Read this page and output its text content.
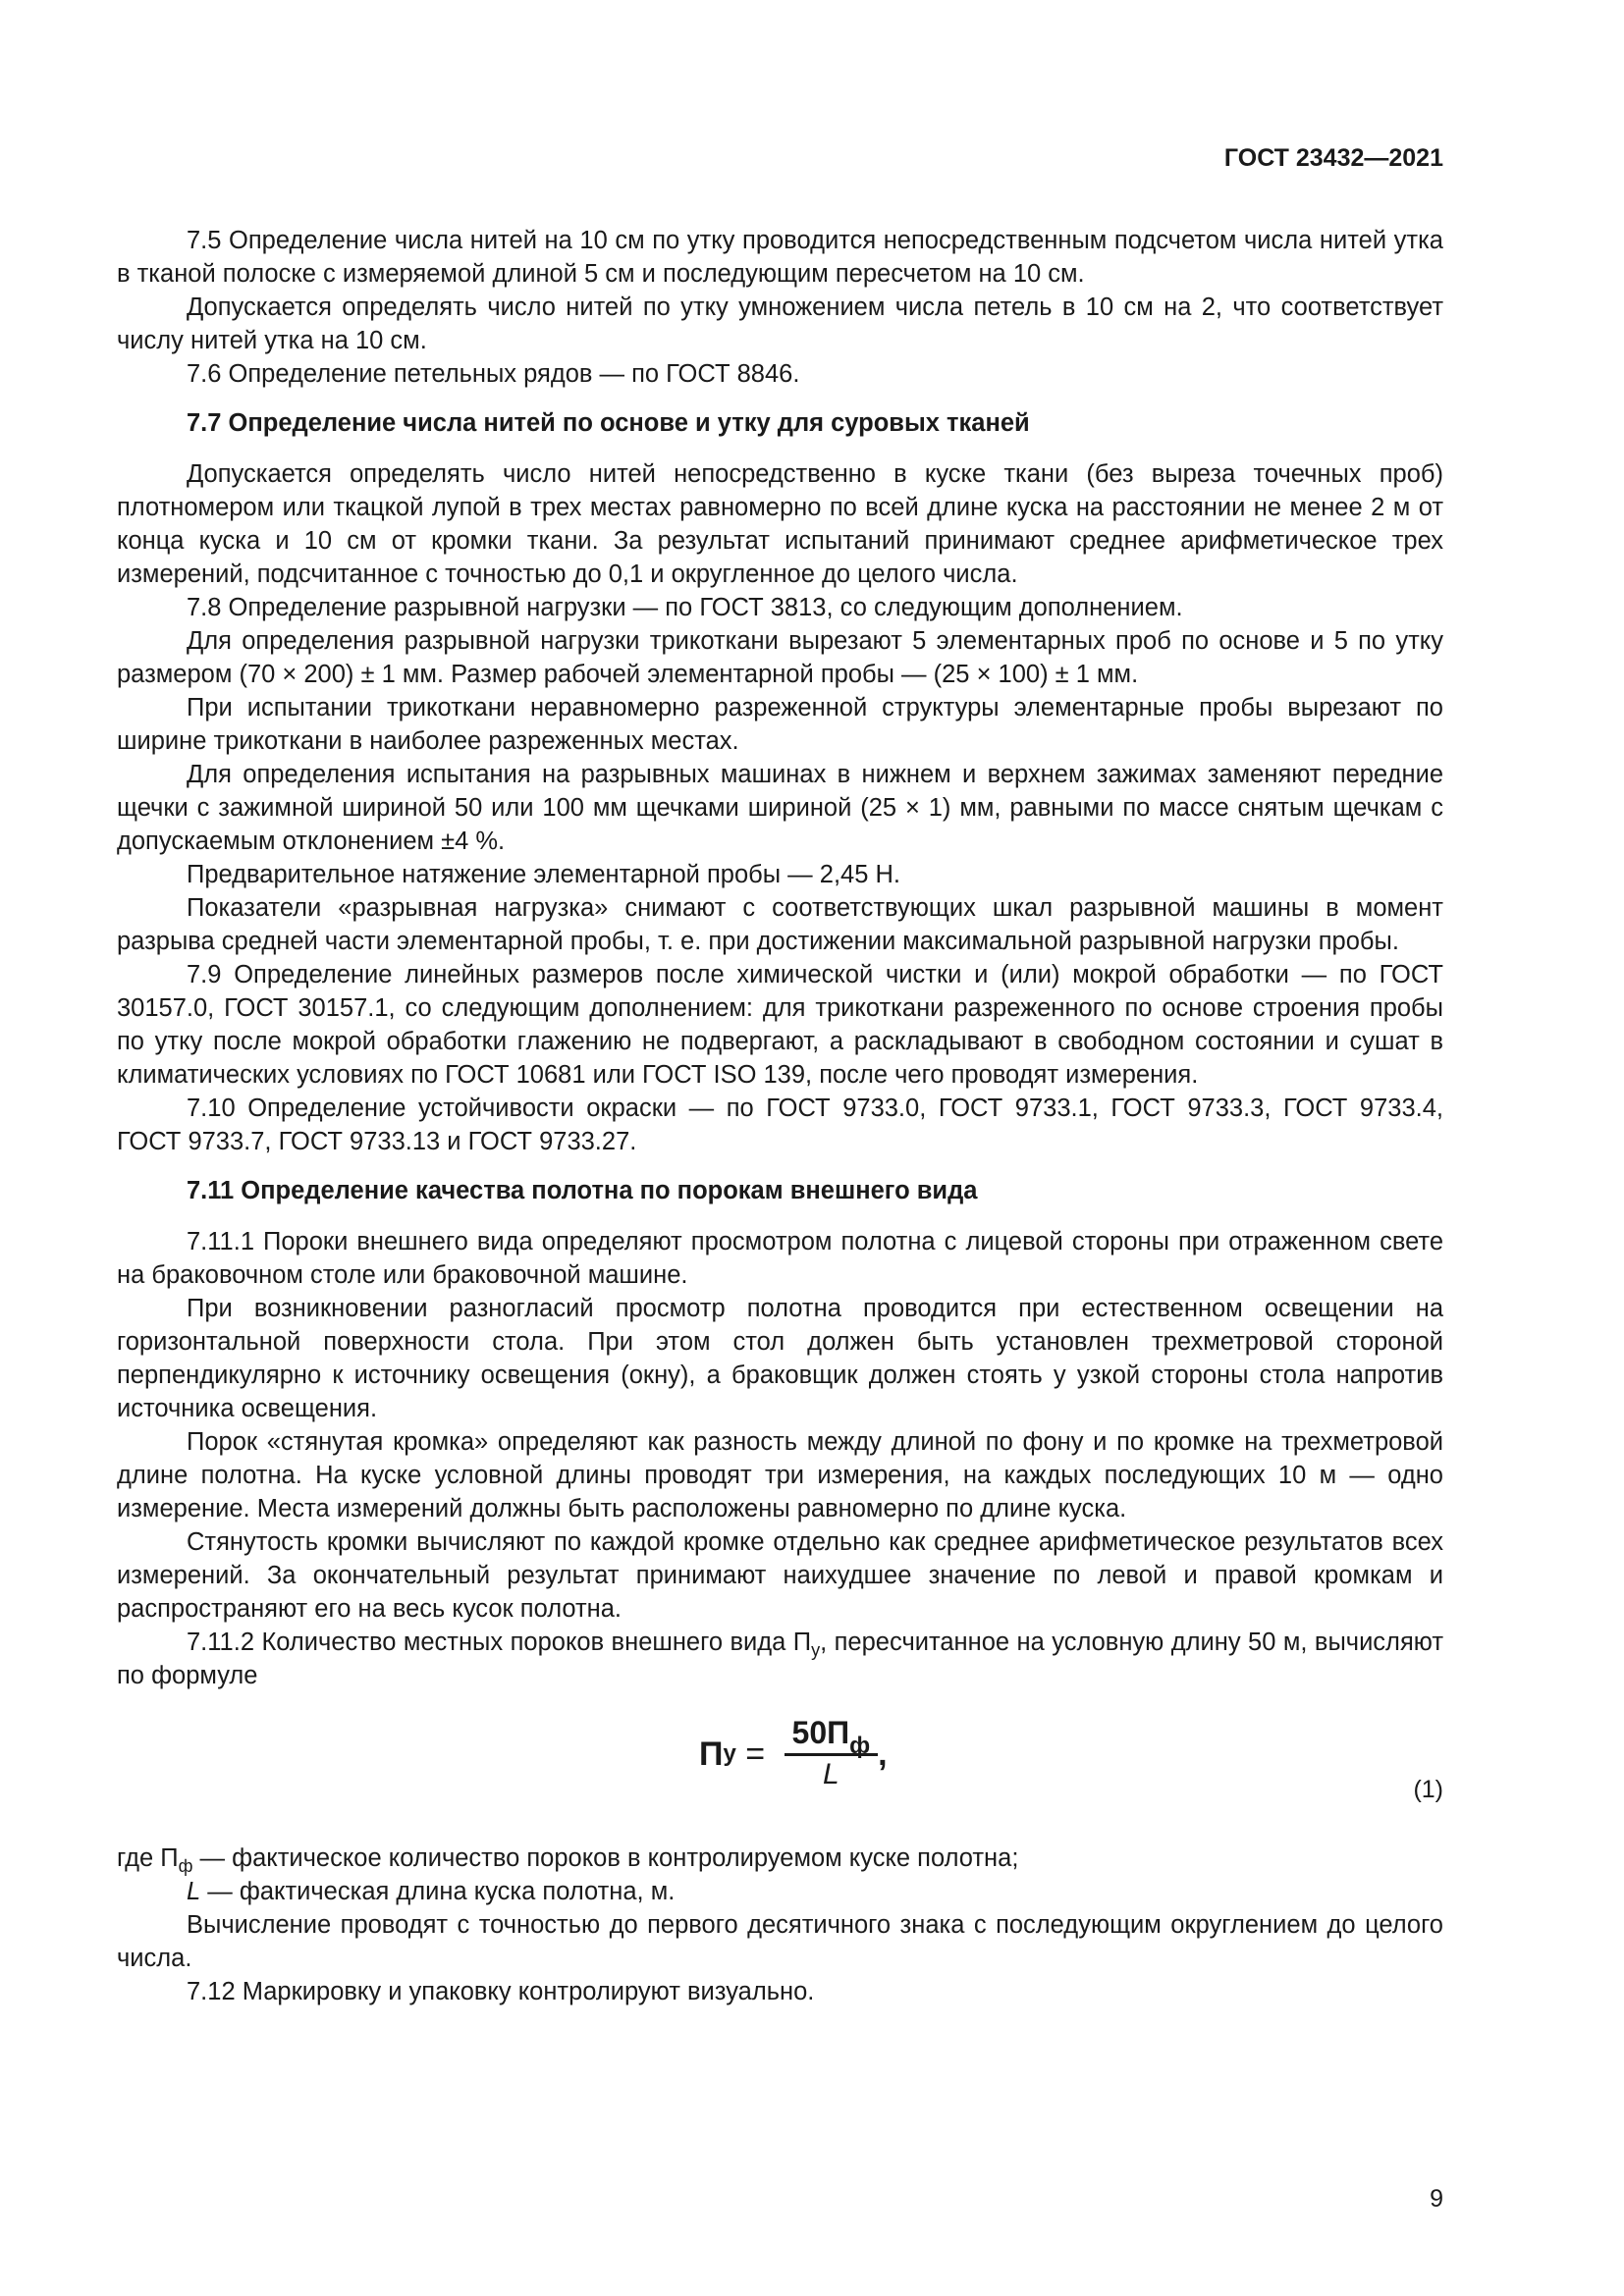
ГОСТ 23432—2021

7.5 Определение числа нитей на 10 см по утку проводится непосредственным подсчетом числа нитей утка в тканой полоске с измеряемой длиной 5 см и последующим пересчетом на 10 см.

Допускается определять число нитей по утку умножением числа петель в 10 см на 2, что соответствует числу нитей утка на 10 см.

7.6 Определение петельных рядов — по ГОСТ 8846.

7.7 Определение числа нитей по основе и утку для суровых тканей

Допускается определять число нитей непосредственно в куске ткани (без выреза точечных проб) плотномером или ткацкой лупой в трех местах равномерно по всей длине куска на расстоянии не менее 2 м от конца куска и 10 см от кромки ткани. За результат испытаний принимают среднее арифметическое трех измерений, подсчитанное с точностью до 0,1 и округленное до целого числа.

7.8 Определение разрывной нагрузки — по ГОСТ 3813, со следующим дополнением.

Для определения разрывной нагрузки трикоткани вырезают 5 элементарных проб по основе и 5 по утку размером (70 × 200) ± 1 мм. Размер рабочей элементарной пробы — (25 × 100) ± 1 мм.

При испытании трикоткани неравномерно разреженной структуры элементарные пробы вырезают по ширине трикоткани в наиболее разреженных местах.

Для определения испытания на разрывных машинах в нижнем и верхнем зажимах заменяют передние щечки с зажимной шириной 50 или 100 мм щечками шириной (25 × 1) мм, равными по массе снятым щечкам с допускаемым отклонением ±4 %.

Предварительное натяжение элементарной пробы — 2,45 Н.

Показатели «разрывная нагрузка» снимают с соответствующих шкал разрывной машины в момент разрыва средней части элементарной пробы, т. е. при достижении максимальной разрывной нагрузки пробы.

7.9 Определение линейных размеров после химической чистки и (или) мокрой обработки — по ГОСТ 30157.0, ГОСТ 30157.1, со следующим дополнением: для трикоткани разреженного по основе строения пробы по утку после мокрой обработки глажению не подвергают, а раскладывают в свободном состоянии и сушат в климатических условиях по ГОСТ 10681 или ГОСТ ISO 139, после чего проводят измерения.

7.10 Определение устойчивости окраски — по ГОСТ 9733.0, ГОСТ 9733.1, ГОСТ 9733.3, ГОСТ 9733.4, ГОСТ 9733.7, ГОСТ 9733.13 и ГОСТ 9733.27.

7.11 Определение качества полотна по порокам внешнего вида

7.11.1 Пороки внешнего вида определяют просмотром полотна с лицевой стороны при отраженном свете на браковочном столе или браковочной машине.

При возникновении разногласий просмотр полотна проводится при естественном освещении на горизонтальной поверхности стола. При этом стол должен быть установлен трехметровой стороной перпендикулярно к источнику освещения (окну), а браковщик должен стоять у узкой стороны стола напротив источника освещения.

Порок «стянутая кромка» определяют как разность между длиной по фону и по кромке на трехметровой длине полотна. На куске условной длины проводят три измерения, на каждых последующих 10 м — одно измерение. Места измерений должны быть расположены равномерно по длине куска.

Стянутость кромки вычисляют по каждой кромке отдельно как среднее арифметическое результатов всех измерений. За окончательный результат принимают наихудшее значение по левой и правой кромкам и распространяют его на весь кусок полотна.

7.11.2 Количество местных пороков внешнего вида $П_у$, пересчитанное на условную длину 50 м, вычисляют по формуле

П $у = \frac{50П_ф}{L}$ ,
(1)

где $П_ф$ — фактическое количество пороков в контролируемом куске полотна;

L — фактическая длина куска полотна, м.

Вычисление проводят с точностью до первого десятичного знака с последующим округлением до целого числа.

7.12 Маркировку и упаковку контролируют визуально.

9
